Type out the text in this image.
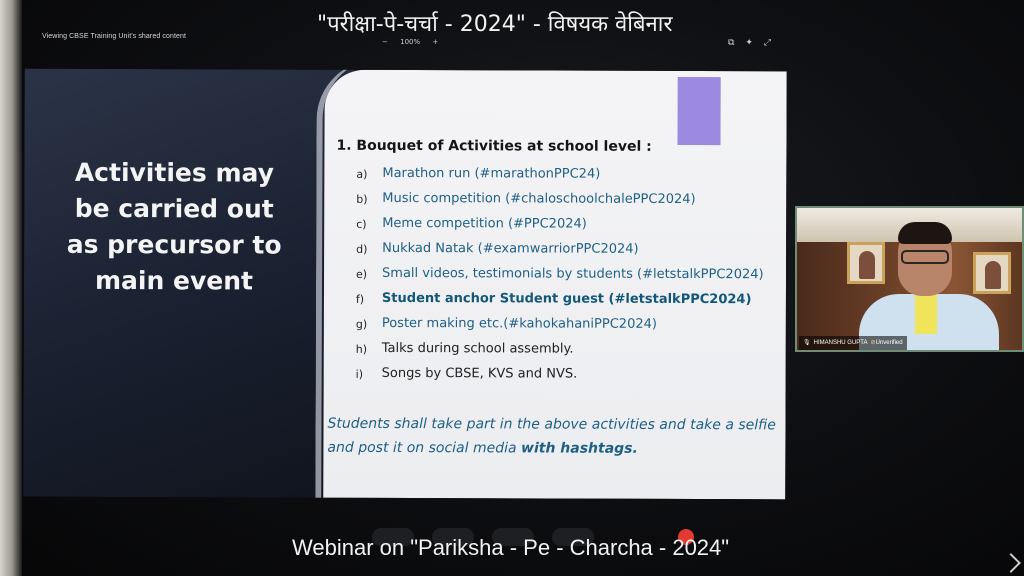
Viewing CBSE Training Unit's shared content	"परीक्षा-पे-चर्चा - 2024" - विषयक वेबिनार
− 100% +	⧉ ✦ ⤢
Activities may be carried out as precursor to main event
1. Bouquet of Activities at school level :
a)	Marathon run (#marathonPPC24)
b)	Music competition (#chaloschoolchalePPC2024)
c)	Meme competition (#PPC2024)
d)	Nukkad Natak (#examwarriorPPC2024)
e)	Small videos, testimonials by students (#letstalkPPC2024)
f)	Student anchor Student guest (#letstalkPPC2024)
g)	Poster making etc.(#kahokahaniPPC2024)
h)	Talks during school assembly.
i)	Songs by CBSE, KVS and NVS.
Students shall take part in the above activities and take a selfie and post it on social media with hashtags.
🎙 HIMANSHU GUPTA ⊘Unverified
Webinar on "Pariksha - Pe - Charcha - 2024"
